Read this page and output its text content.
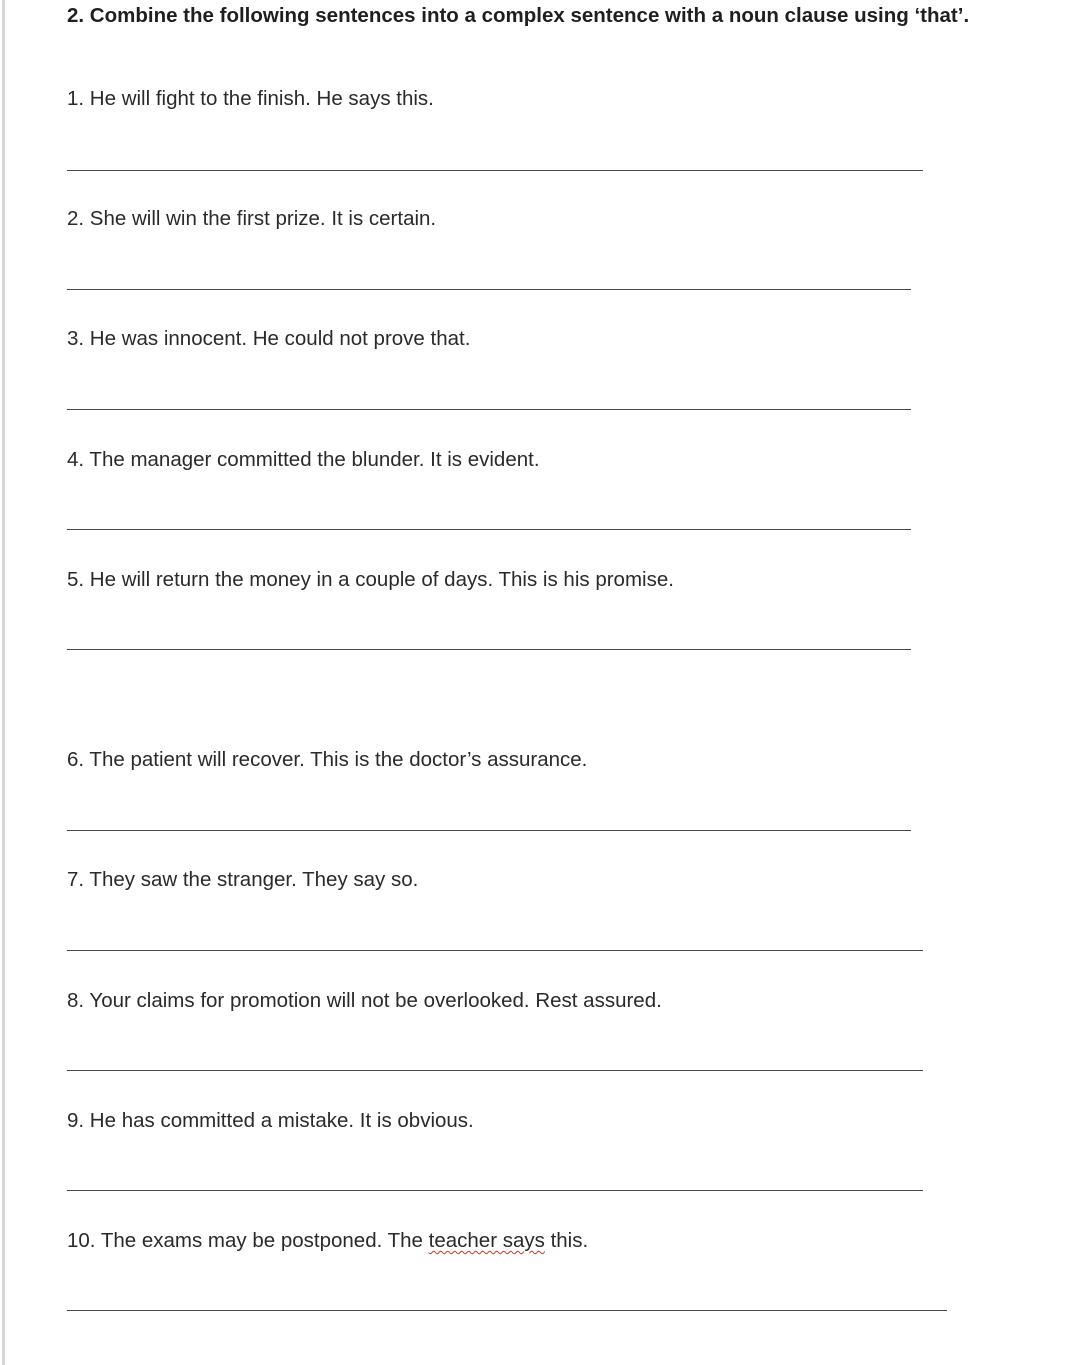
2. Combine the following sentences into a complex sentence with a noun clause using ‘that’.
1. He will fight to the finish. He says this.
2. She will win the first prize. It is certain.
3. He was innocent. He could not prove that.
4. The manager committed the blunder. It is evident.
5. He will return the money in a couple of days. This is his promise.
6. The patient will recover. This is the doctor’s assurance.
7. They saw the stranger. They say so.
8. Your claims for promotion will not be overlooked. Rest assured.
9. He has committed a mistake. It is obvious.
10. The exams may be postponed. The teacher says this.
